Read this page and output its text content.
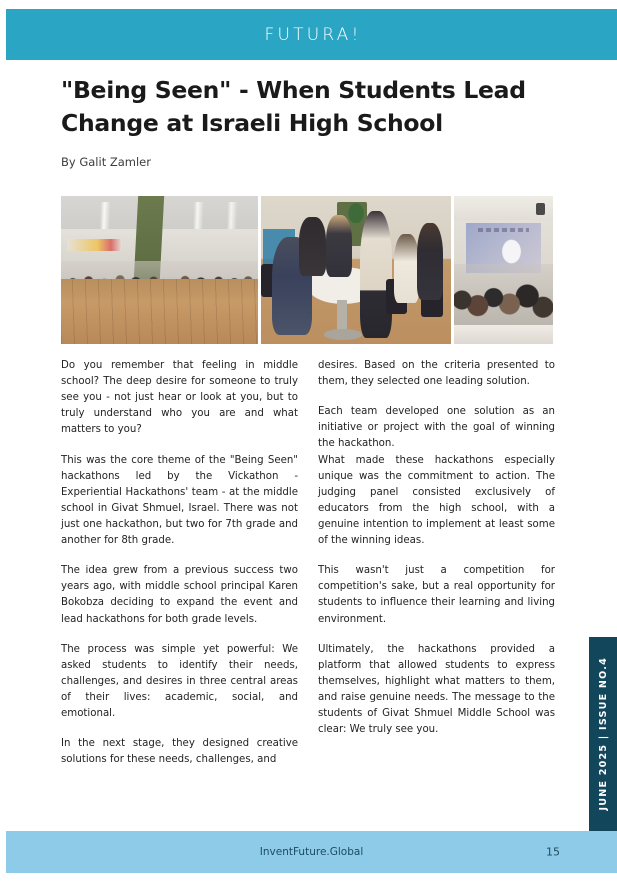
FUTURA!
"Being Seen" - When Students Lead Change at Israeli High School

By Galit Zamler

Do you remember that feeling in middle school? The deep desire for someone to truly see you - not just hear or look at you, but to truly understand who you are and what matters to you?

This was the core theme of the "Being Seen" hackathons led by the Vickathon - Experiential Hackathons' team - at the middle school in Givat Shmuel, Israel. There was not just one hackathon, but two for 7th grade and another for 8th grade.

The idea grew from a previous success two years ago, with middle school principal Karen Bokobza deciding to expand the event and lead hackathons for both grade levels.

The process was simple yet powerful: We asked students to identify their needs, challenges, and desires in three central areas of their lives: academic, social, and emotional.

In the next stage, they designed creative solutions for these needs, challenges, and

desires. Based on the criteria presented to them, they selected one leading solution.

Each team developed one solution as an initiative or project with the goal of winning the hackathon.

What made these hackathons especially unique was the commitment to action. The judging panel consisted exclusively of educators from the high school, with a genuine intention to implement at least some of the winning ideas.

This wasn't just a competition for competition's sake, but a real opportunity for students to influence their learning and living environment.

Ultimately, the hackathons provided a platform that allowed students to express themselves, highlight what matters to them, and raise genuine needs. The message to the students of Givat Shmuel Middle School was clear: We truly see you.	JUNE 2025 | ISSUE NO.4
InventFuture.Global	15
